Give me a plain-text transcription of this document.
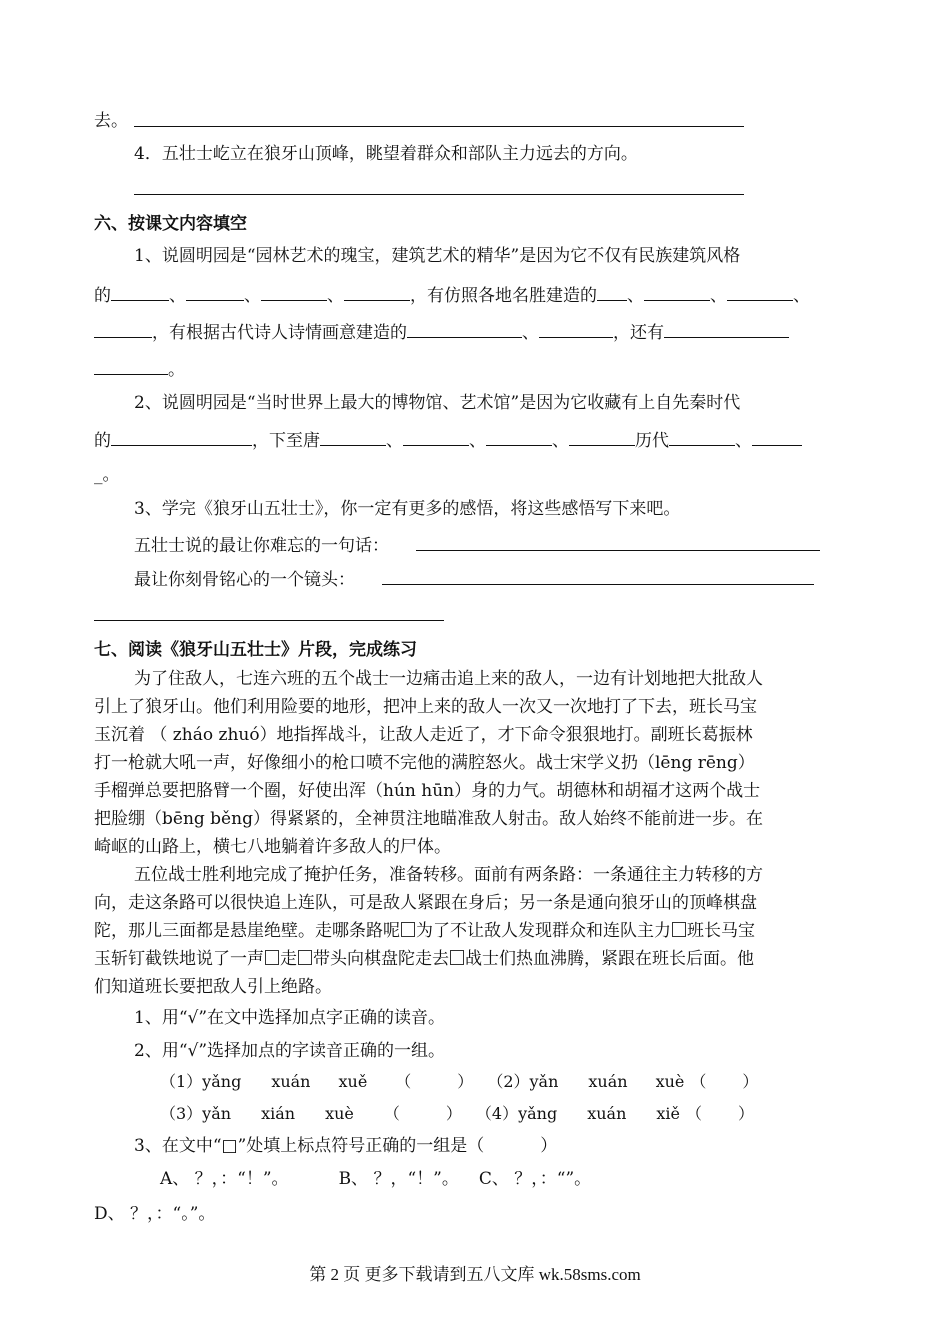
去。
4．五壮士屹立在狼牙山顶峰，眺望着群众和部队主力远去的方向。
六、按课文内容填空
1、说圆明园是“园林艺术的瑰宝，建筑艺术的精华”是因为它不仅有民族建筑风格
的	、	、	、	，有仿照各地名胜建造的 、	、	、
，有根据古代诗人诗情画意建造的	、	，还有
。
2、说圆明园是“当时世界上最大的博物馆、艺术馆”是因为它收藏有上自先秦时代
的	，下至唐	、	、	、	历代	、
_。
3、学完《狼牙山五壮士》，你一定有更多的感悟，将这些感悟写下来吧。
五壮士说的最让你难忘的一句话：
最让你刻骨铭心的一个镜头：
七、阅读《狼牙山五壮士》片段，完成练习
为了住敌人，七连六班的五个战士一边痛击追上来的敌人，一边有计划地把大批敌人
引上了狼牙山。他们利用险要的地形，把冲上来的敌人一次又一次地打了下去，班长马宝
玉沉着 （ zháo zhuó）地指挥战斗，让敌人走近了，才下命令狠狠地打。副班长葛振林
打一枪就大吼一声，好像细小的枪口喷不完他的满腔怒火。战士宋学义扔（lēng rēng）
手榴弹总要把胳臂一个圈，好使出浑（hún hūn）身的力气。胡德林和胡福才这两个战士
把脸绷（bēng běng）得紧紧的，全神贯注地瞄准敌人射击。敌人始终不能前进一步。在
崎岖的山路上，横七八地躺着许多敌人的尸体。
五位战士胜利地完成了掩护任务，准备转移。面前有两条路：一条通往主力转移的方
向，走这条路可以很快追上连队，可是敌人紧跟在身后；另一条是通向狼牙山的顶峰棋盘
陀，那儿三面都是悬崖绝壁。走哪条路呢 为了不让敌人发现群众和连队主力 班长马宝
玉斩钉截铁地说了一声 走 带头向棋盘陀走去 战士们热血沸腾，紧跟在班长后面。他
们知道班长要把敌人引上绝路。
1、用“√”在文中选择加点字正确的读音。
2、用“√”选择加点的字读音正确的一组。
（1）yǎng xuán xuě （	） （2）yǎn xuán xuè （ ）
（3）yǎn xián xuè （	） （4）yǎng xuán xiě （ ）
3、在文中“□”处填上标点符号正确的一组是（	）
A、 ？，：“！”。	B、 ？，“！”。 C、 ？，：“”。
D、 ？，：“。”。
第 2 页 更多下载请到五八文库 wk.58sms.com
